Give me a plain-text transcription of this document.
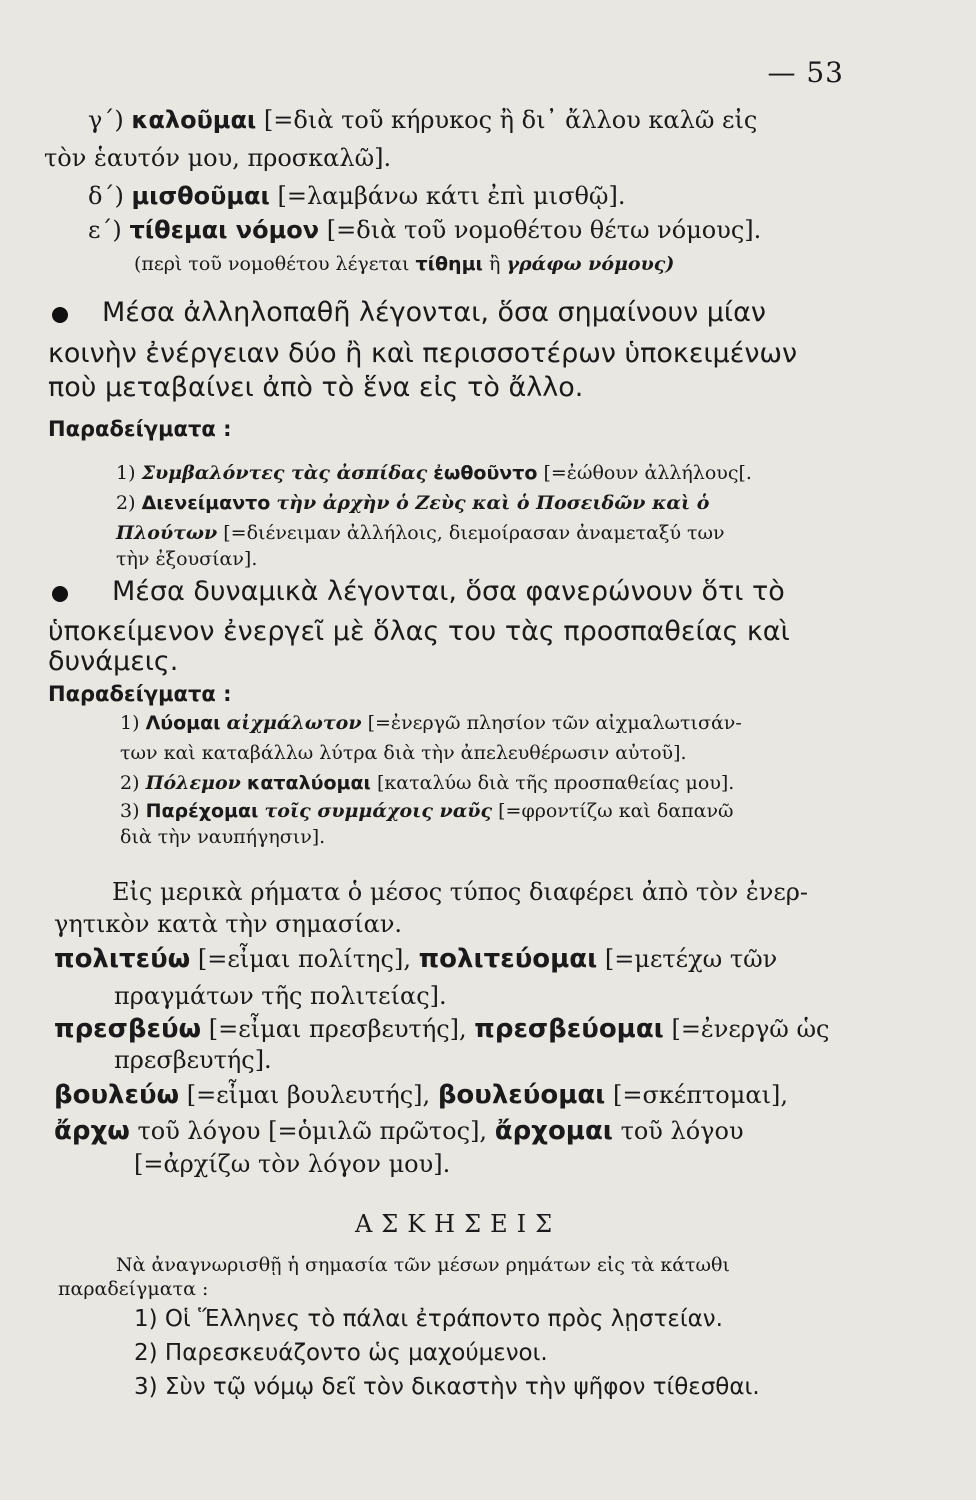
— 53
γ΄) καλοῦμαι [=διὰ τοῦ κήρυκος ἢ δι᾽ ἄλλου καλῶ εἰς
τὸν ἑαυτόν μου, προσκαλῶ].
δ΄) μισθοῦμαι [=λαμβάνω κάτι ἐπὶ μισθῷ].
ε΄) τίθεμαι νόμον [=διὰ τοῦ νομοθέτου θέτω νόμους].
(περὶ τοῦ νομοθέτου λέγεται τίθημι ἢ γράφω νόμους)
Μέσα ἀλληλοπαθῆ λέγονται, ὅσα σημαίνουν μίαν
κοινὴν ἐνέργειαν δύο ἢ καὶ περισσοτέρων ὑποκειμένων
ποὺ μεταβαίνει ἀπὸ τὸ ἕνα εἰς τὸ ἄλλο.
Παραδείγματα :
1) Συμβαλόντες τὰς ἀσπίδας ἐωθοῦντο [=ἐώθουν ἀλλήλους[.
2) Διενείμαντο τὴν ἀρχὴν ὁ Ζεὺς καὶ ὁ Ποσειδῶν καὶ ὁ
Πλούτων [=διένειμαν ἀλλήλοις, διεμοίρασαν ἀναμεταξύ των
τὴν ἐξουσίαν].
Μέσα δυναμικὰ λέγονται, ὅσα φανερώνουν ὅτι τὸ
ὑποκείμενον ἐνεργεῖ μὲ ὅλας του τὰς προσπαθείας καὶ
δυνάμεις.
Παραδείγματα :
1) Λύομαι αἰχμάλωτον [=ἐνεργῶ πλησίον τῶν αἰχμαλωτισάν-
των καὶ καταβάλλω λύτρα διὰ τὴν ἀπελευθέρωσιν αὐτοῦ].
2) Πόλεμον καταλύομαι [καταλύω διὰ τῆς προσπαθείας μου].
3) Παρέχομαι τοῖς συμμάχοις ναῦς [=φροντίζω καὶ δαπανῶ
διὰ τὴν ναυπήγησιν].
Εἰς μερικὰ ρήματα ὁ μέσος τύπος διαφέρει ἀπὸ τὸν ἐνερ-
γητικὸν κατὰ τὴν σημασίαν.
πολιτεύω [=εἶμαι πολίτης], πολιτεύομαι [=μετέχω τῶν
πραγμάτων τῆς πολιτείας].
πρεσβεύω [=εἶμαι πρεσβευτής], πρεσβεύομαι [=ἐνεργῶ ὡς
πρεσβευτής].
βουλεύω [=εἶμαι βουλευτής], βουλεύομαι [=σκέπτομαι],
ἄρχω τοῦ λόγου [=ὁμιλῶ πρῶτος], ἄρχομαι τοῦ λόγου
[=ἀρχίζω τὸν λόγον μου].
ΑΣΚΗΣΕΙΣ
Νὰ ἀναγνωρισθῇ ἡ σημασία τῶν μέσων ρημάτων εἰς τὰ κάτωθι
παραδείγματα :
1) Οἱ Ἕλληνες τὸ πάλαι ἐτράποντο πρὸς λῃστείαν.
2) Παρεσκευάζοντο ὡς μαχούμενοι.
3) Σὺν τῷ νόμῳ δεῖ τὸν δικαστὴν τὴν ψῆφον τίθεσθαι.
